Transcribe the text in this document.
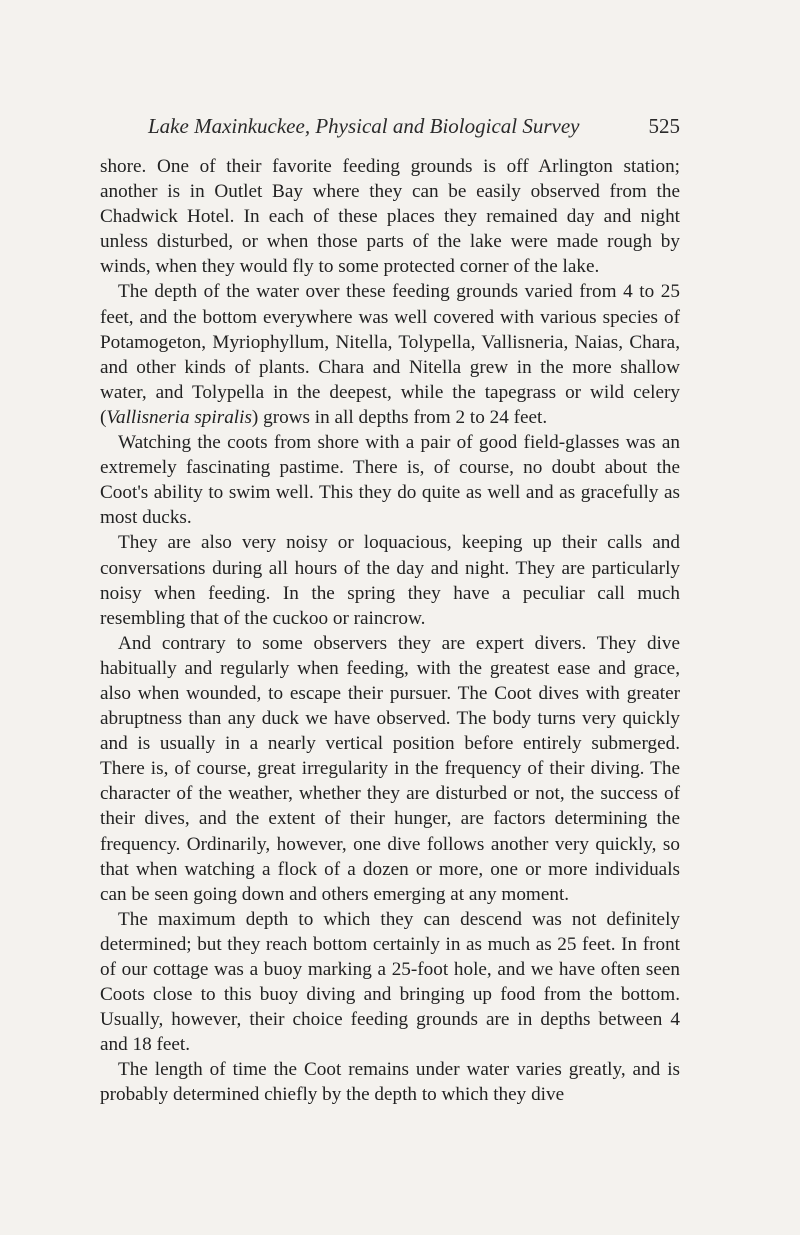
Lake Maxinkuckee, Physical and Biological Survey	525

shore. One of their favorite feeding grounds is off Arlington station; another is in Outlet Bay where they can be easily observed from the Chadwick Hotel. In each of these places they remained day and night unless disturbed, or when those parts of the lake were made rough by winds, when they would fly to some protected corner of the lake.

The depth of the water over these feeding grounds varied from 4 to 25 feet, and the bottom everywhere was well covered with various species of Potamogeton, Myriophyllum, Nitella, Tolypella, Vallisneria, Naias, Chara, and other kinds of plants. Chara and Nitella grew in the more shallow water, and Tolypella in the deepest, while the tapegrass or wild celery (Vallisneria spiralis) grows in all depths from 2 to 24 feet.

Watching the coots from shore with a pair of good field-glasses was an extremely fascinating pastime. There is, of course, no doubt about the Coot's ability to swim well. This they do quite as well and as gracefully as most ducks.

They are also very noisy or loquacious, keeping up their calls and conversations during all hours of the day and night. They are particularly noisy when feeding. In the spring they have a peculiar call much resembling that of the cuckoo or raincrow.

And contrary to some observers they are expert divers. They dive habitually and regularly when feeding, with the greatest ease and grace, also when wounded, to escape their pursuer. The Coot dives with greater abruptness than any duck we have observed. The body turns very quickly and is usually in a nearly vertical position before entirely submerged. There is, of course, great irregularity in the frequency of their diving. The character of the weather, whether they are disturbed or not, the success of their dives, and the extent of their hunger, are factors determining the frequency. Ordinarily, however, one dive follows another very quickly, so that when watching a flock of a dozen or more, one or more individuals can be seen going down and others emerging at any moment.

The maximum depth to which they can descend was not definitely determined; but they reach bottom certainly in as much as 25 feet. In front of our cottage was a buoy marking a 25-foot hole, and we have often seen Coots close to this buoy diving and bringing up food from the bottom. Usually, however, their choice feeding grounds are in depths between 4 and 18 feet.

The length of time the Coot remains under water varies greatly, and is probably determined chiefly by the depth to which they dive
